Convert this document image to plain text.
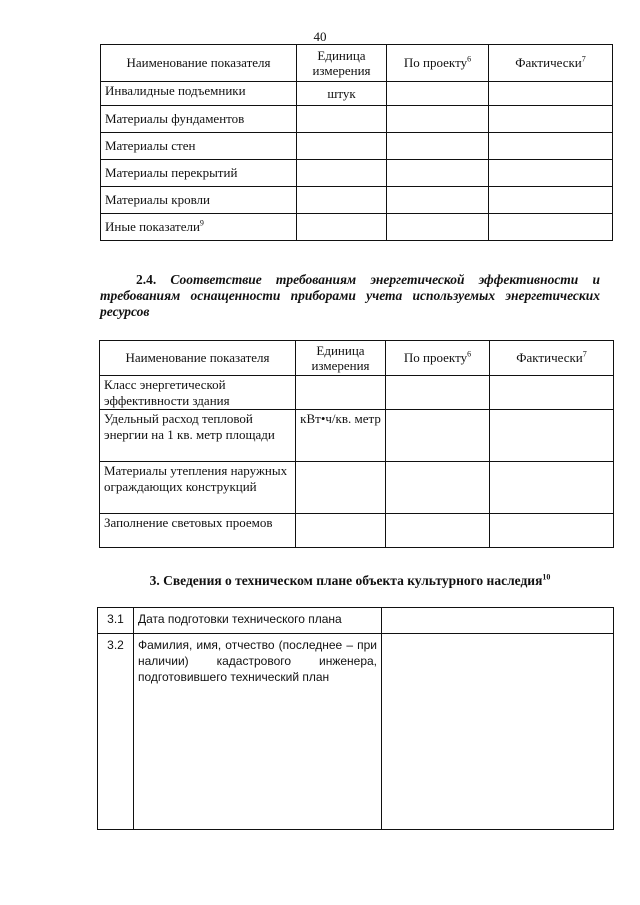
40
Наименование показателя	Единица измерения	По проекту$^6$	Фактически$^7$
Инвалидные подъемники	штук		
Материалы фундаментов			
Материалы стен			
Материалы перекрытий			
Материалы кровли			
Иные показатели$^9$			
2.4. Соответствие требованиям энергетической эффективности и требованиям оснащенности приборами учета используемых энергетических ресурсов
Наименование показателя	Единица измерения	По проекту$^6$	Фактически$^7$
Класс энергетической эффективности здания			
Удельный расход тепловой энергии на 1 кв. метр площади	кВт•ч/кв. метр		
Материалы утепления наружных ограждающих конструкций			
Заполнение световых проемов			
3. Сведения о техническом плане объекта культурного наследия$^{10}$
3.1	Дата подготовки технического плана	
3.2	Фамилия, имя, отчество (последнее – при наличии) кадастрового инженера, подготовившего технический план	
